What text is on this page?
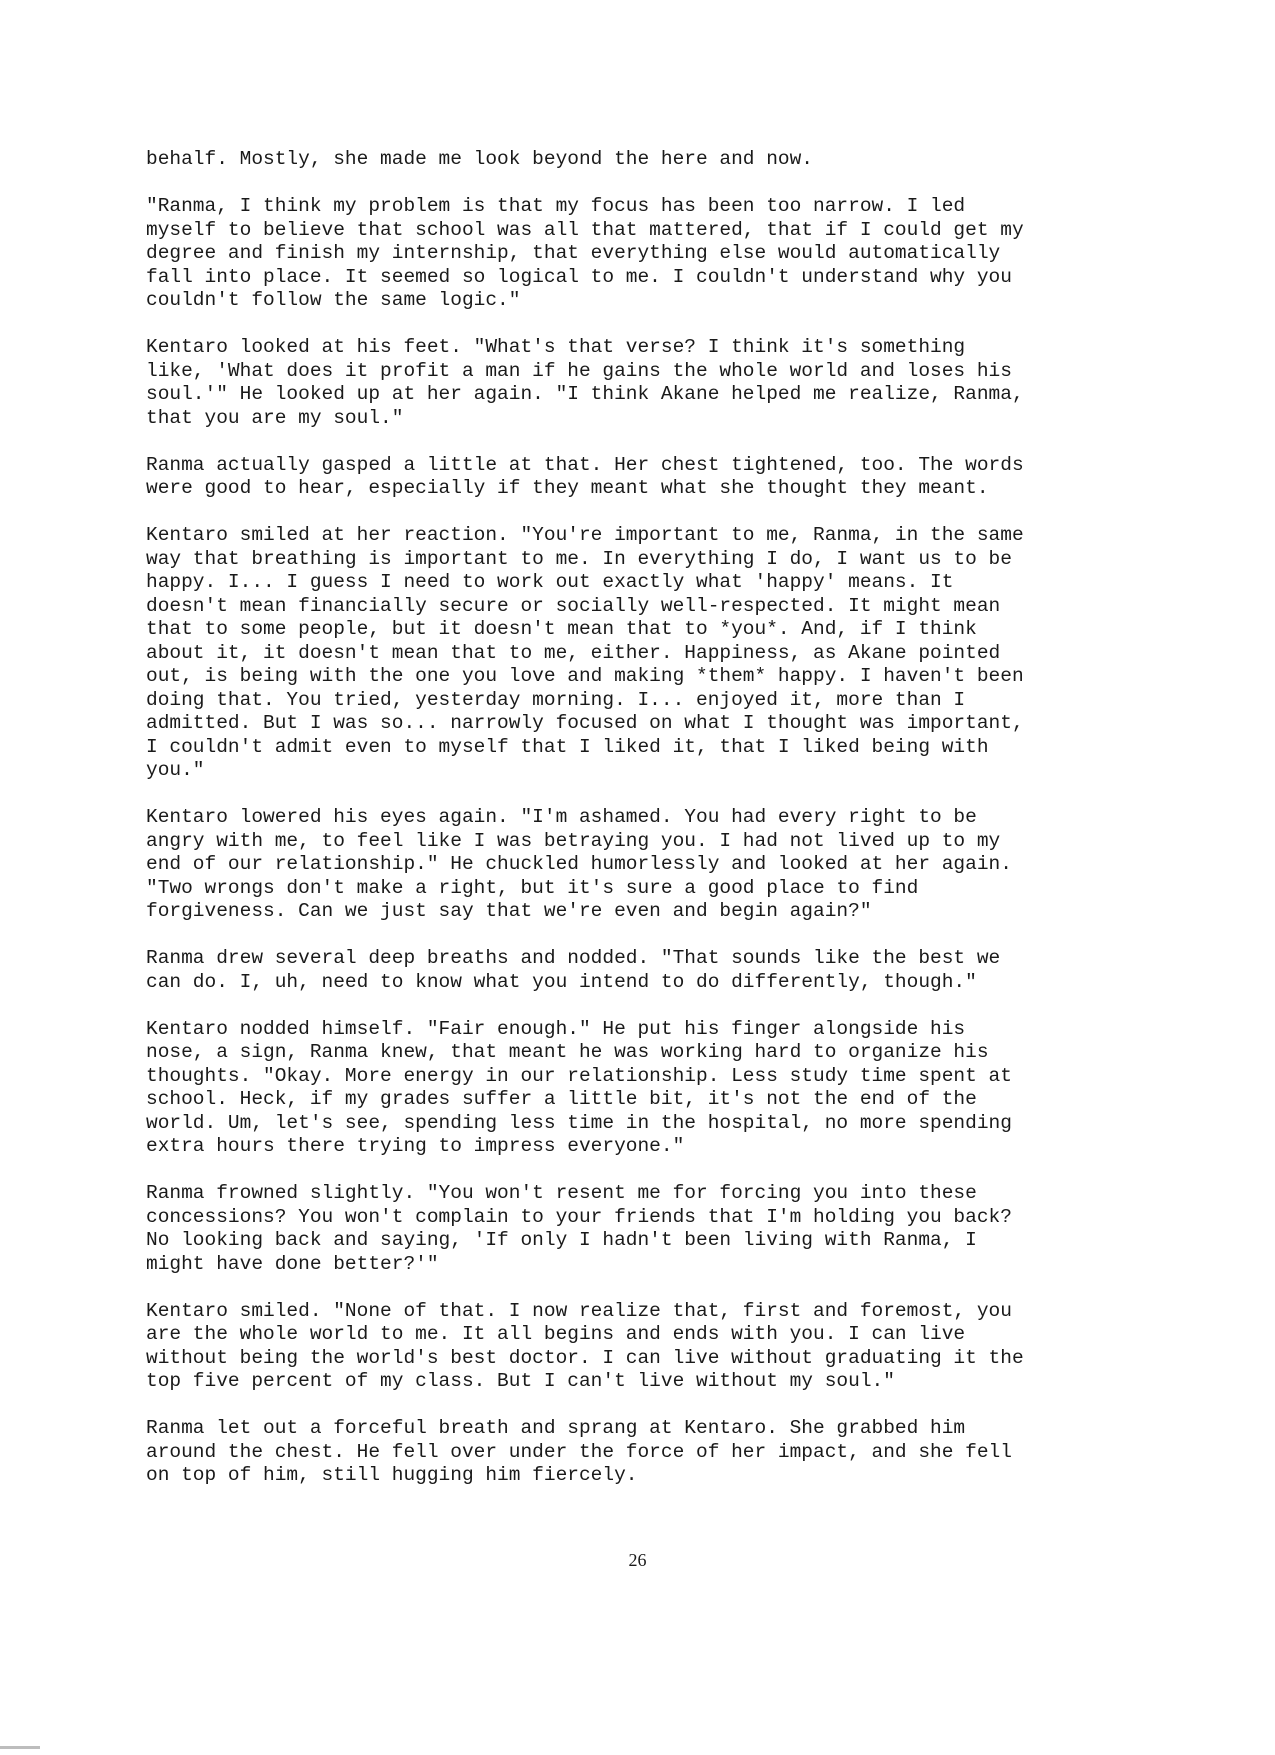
behalf. Mostly, she made me look beyond the here and now.

"Ranma, I think my problem is that my focus has been too narrow. I led
myself to believe that school was all that mattered, that if I could get my
degree and finish my internship, that everything else would automatically
fall into place. It seemed so logical to me. I couldn't understand why you
couldn't follow the same logic."

Kentaro looked at his feet. "What's that verse? I think it's something
like, 'What does it profit a man if he gains the whole world and loses his
soul.'" He looked up at her again. "I think Akane helped me realize, Ranma,
that you are my soul."

Ranma actually gasped a little at that. Her chest tightened, too. The words
were good to hear, especially if they meant what she thought they meant.

Kentaro smiled at her reaction. "You're important to me, Ranma, in the same
way that breathing is important to me. In everything I do, I want us to be
happy. I... I guess I need to work out exactly what 'happy' means. It
doesn't mean financially secure or socially well-respected. It might mean
that to some people, but it doesn't mean that to *you*. And, if I think
about it, it doesn't mean that to me, either. Happiness, as Akane pointed
out, is being with the one you love and making *them* happy. I haven't been
doing that. You tried, yesterday morning. I... enjoyed it, more than I
admitted. But I was so... narrowly focused on what I thought was important,
I couldn't admit even to myself that I liked it, that I liked being with
you."

Kentaro lowered his eyes again. "I'm ashamed. You had every right to be
angry with me, to feel like I was betraying you. I had not lived up to my
end of our relationship." He chuckled humorlessly and looked at her again.
"Two wrongs don't make a right, but it's sure a good place to find
forgiveness. Can we just say that we're even and begin again?"

Ranma drew several deep breaths and nodded. "That sounds like the best we
can do. I, uh, need to know what you intend to do differently, though."

Kentaro nodded himself. "Fair enough." He put his finger alongside his
nose, a sign, Ranma knew, that meant he was working hard to organize his
thoughts. "Okay. More energy in our relationship. Less study time spent at
school. Heck, if my grades suffer a little bit, it's not the end of the
world. Um, let's see, spending less time in the hospital, no more spending
extra hours there trying to impress everyone."

Ranma frowned slightly. "You won't resent me for forcing you into these
concessions? You won't complain to your friends that I'm holding you back?
No looking back and saying, 'If only I hadn't been living with Ranma, I
might have done better?'"

Kentaro smiled. "None of that. I now realize that, first and foremost, you
are the whole world to me. It all begins and ends with you. I can live
without being the world's best doctor. I can live without graduating it the
top five percent of my class. But I can't live without my soul."

Ranma let out a forceful breath and sprang at Kentaro. She grabbed him
around the chest. He fell over under the force of her impact, and she fell
on top of him, still hugging him fiercely.

26
